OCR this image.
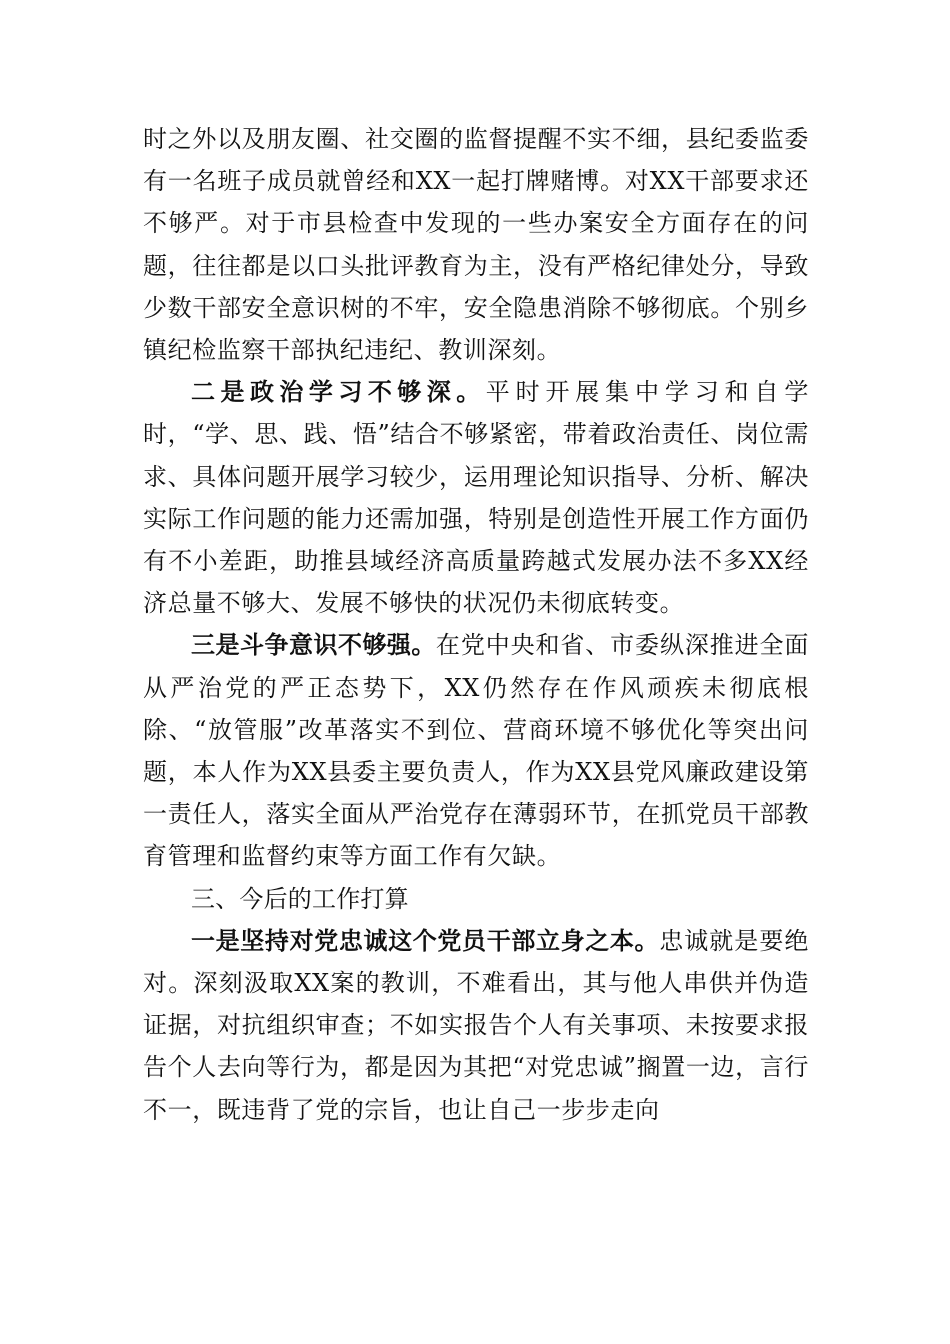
时之外以及朋友圈、社交圈的监督提醒不实不细，县纪委监委有一名班子成员就曾经和XX一起打牌赌博。对XX干部要求还不够严。对于市县检查中发现的一些办案安全方面存在的问题，往往都是以口头批评教育为主，没有严格纪律处分，导致少数干部安全意识树的不牢，安全隐患消除不够彻底。个别乡镇纪检监察干部执纪违纪、教训深刻。

二是政治学习不够深。平时开展集中学习和自学时，“学、思、践、悟”结合不够紧密，带着政治责任、岗位需求、具体问题开展学习较少，运用理论知识指导、分析、解决实际工作问题的能力还需加强，特别是创造性开展工作方面仍有不小差距，助推县域经济高质量跨越式发展办法不多XX经济总量不够大、发展不够快的状况仍未彻底转变。

三是斗争意识不够强。在党中央和省、市委纵深推进全面从严治党的严正态势下，XX仍然存在作风顽疾未彻底根除、“放管服”改革落实不到位、营商环境不够优化等突出问题，本人作为XX县委主要负责人，作为XX县党风廉政建设第一责任人，落实全面从严治党存在薄弱环节，在抓党员干部教育管理和监督约束等方面工作有欠缺。

三、今后的工作打算

一是坚持对党忠诚这个党员干部立身之本。忠诚就是要绝对。深刻汲取XX案的教训，不难看出，其与他人串供并伪造证据，对抗组织审查；不如实报告个人有关事项、未按要求报告个人去向等行为，都是因为其把“对党忠诚”搁置一边，言行不一，既违背了党的宗旨，也让自己一步步走向
